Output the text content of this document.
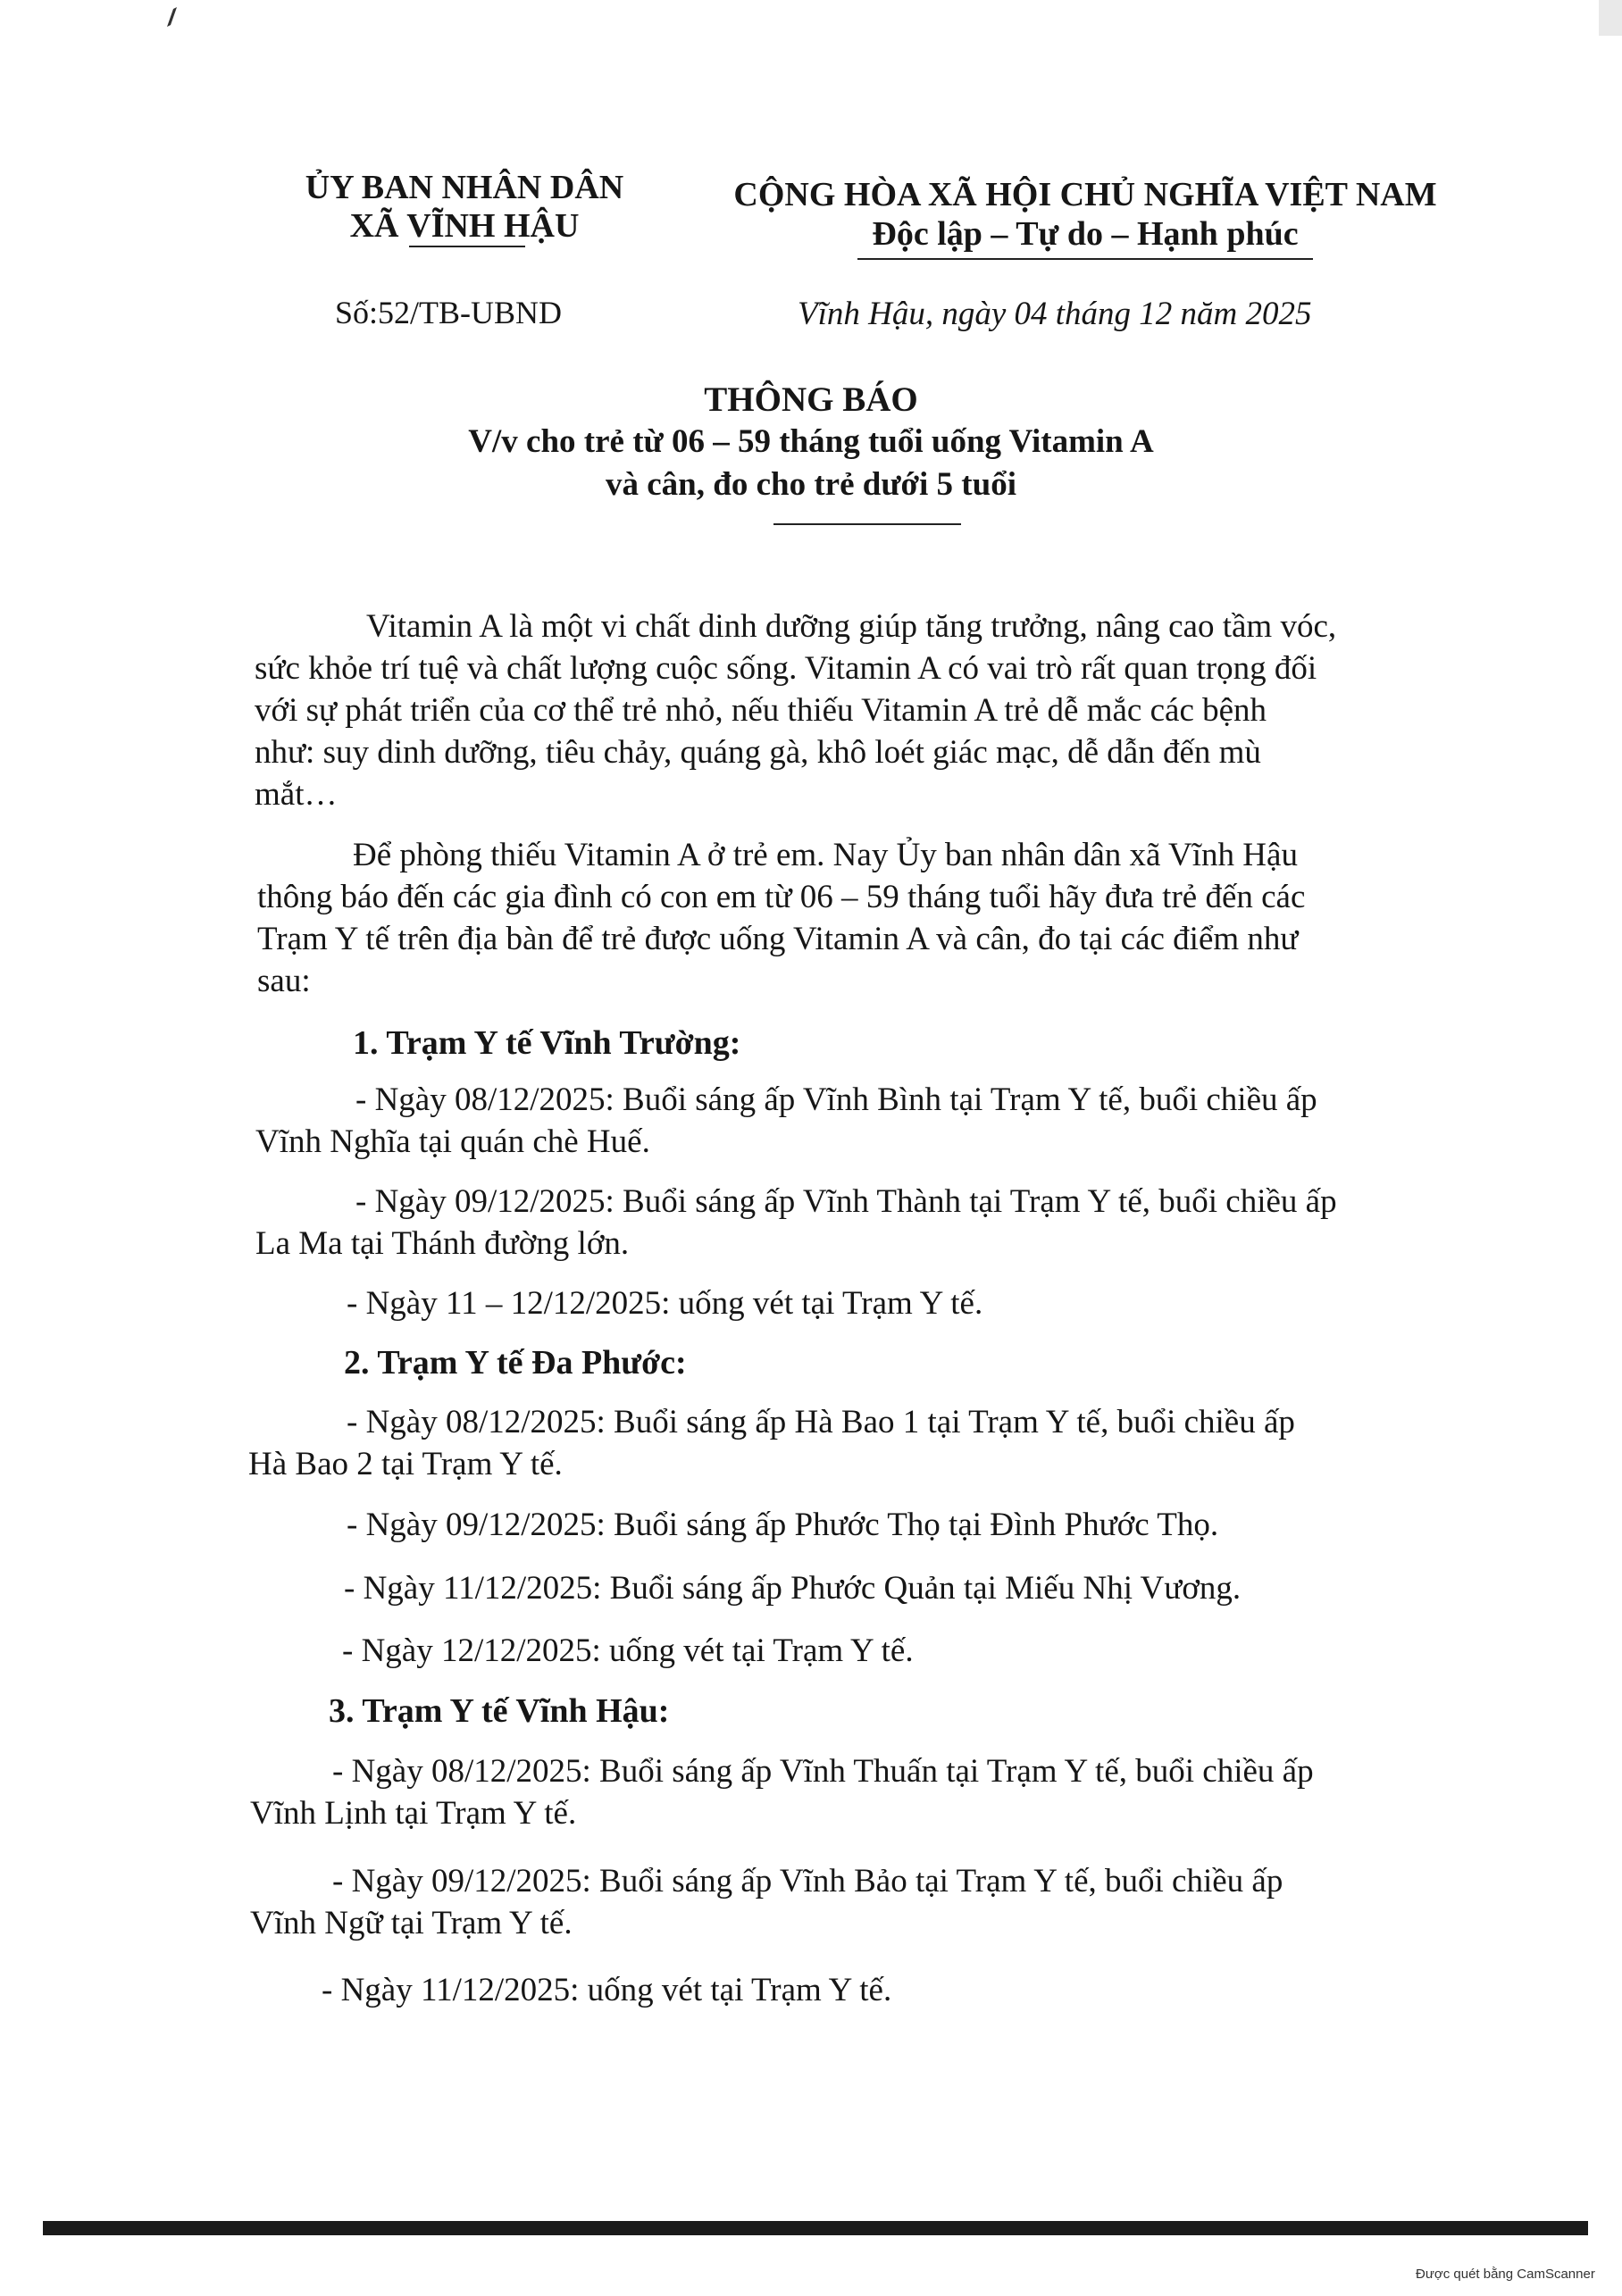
ỦY BAN NHÂN DÂN
XÃ VĨNH HẬU
Số:52/TB-UBND
CỘNG HÒA XÃ HỘI CHỦ NGHĨA VIỆT NAM
Độc lập – Tự do – Hạnh phúc
Vĩnh Hậu, ngày 04 tháng 12 năm 2025
THÔNG BÁO
V/v cho trẻ từ 06 – 59 tháng tuổi uống Vitamin A
và cân, đo cho trẻ dưới 5 tuổi
Vitamin A là một vi chất dinh dưỡng giúp tăng trưởng, nâng cao tầm vóc,
sức khỏe trí tuệ và chất lượng cuộc sống. Vitamin A có vai trò rất quan trọng đối
với sự phát triển của cơ thể trẻ nhỏ, nếu thiếu Vitamin A trẻ dễ mắc các bệnh
như: suy dinh dưỡng, tiêu chảy, quáng gà, khô loét giác mạc, dễ dẫn đến mù
mắt…
Để phòng thiếu Vitamin A ở trẻ em. Nay Ủy ban nhân dân xã Vĩnh Hậu
thông báo đến các gia đình có con em từ 06 – 59 tháng tuổi hãy đưa trẻ đến các
Trạm Y tế trên địa bàn để trẻ được uống Vitamin A và cân, đo tại các điểm như
sau:
1. Trạm Y tế Vĩnh Trường:
- Ngày 08/12/2025: Buổi sáng ấp Vĩnh Bình tại Trạm Y tế, buổi chiều ấp
Vĩnh Nghĩa tại quán chè Huế.
- Ngày 09/12/2025: Buổi sáng ấp Vĩnh Thành tại Trạm Y tế, buổi chiều ấp
La Ma tại Thánh đường lớn.
- Ngày 11 – 12/12/2025: uống vét tại Trạm Y tế.
2. Trạm Y tế Đa Phước:
- Ngày 08/12/2025: Buổi sáng ấp Hà Bao 1 tại Trạm Y tế, buổi chiều ấp
Hà Bao 2 tại Trạm Y tế.
- Ngày 09/12/2025: Buổi sáng ấp Phước Thọ tại Đình Phước Thọ.
- Ngày 11/12/2025: Buổi sáng ấp Phước Quản tại Miếu Nhị Vương.
- Ngày 12/12/2025: uống vét tại Trạm Y tế.
3. Trạm Y tế Vĩnh Hậu:
- Ngày 08/12/2025: Buổi sáng ấp Vĩnh Thuấn tại Trạm Y tế, buổi chiều ấp
Vĩnh Lịnh tại Trạm Y tế.
- Ngày 09/12/2025: Buổi sáng ấp Vĩnh Bảo tại Trạm Y tế, buổi chiều ấp
Vĩnh Ngữ tại Trạm Y tế.
- Ngày 11/12/2025: uống vét tại Trạm Y tế.
Được quét bằng CamScanner
